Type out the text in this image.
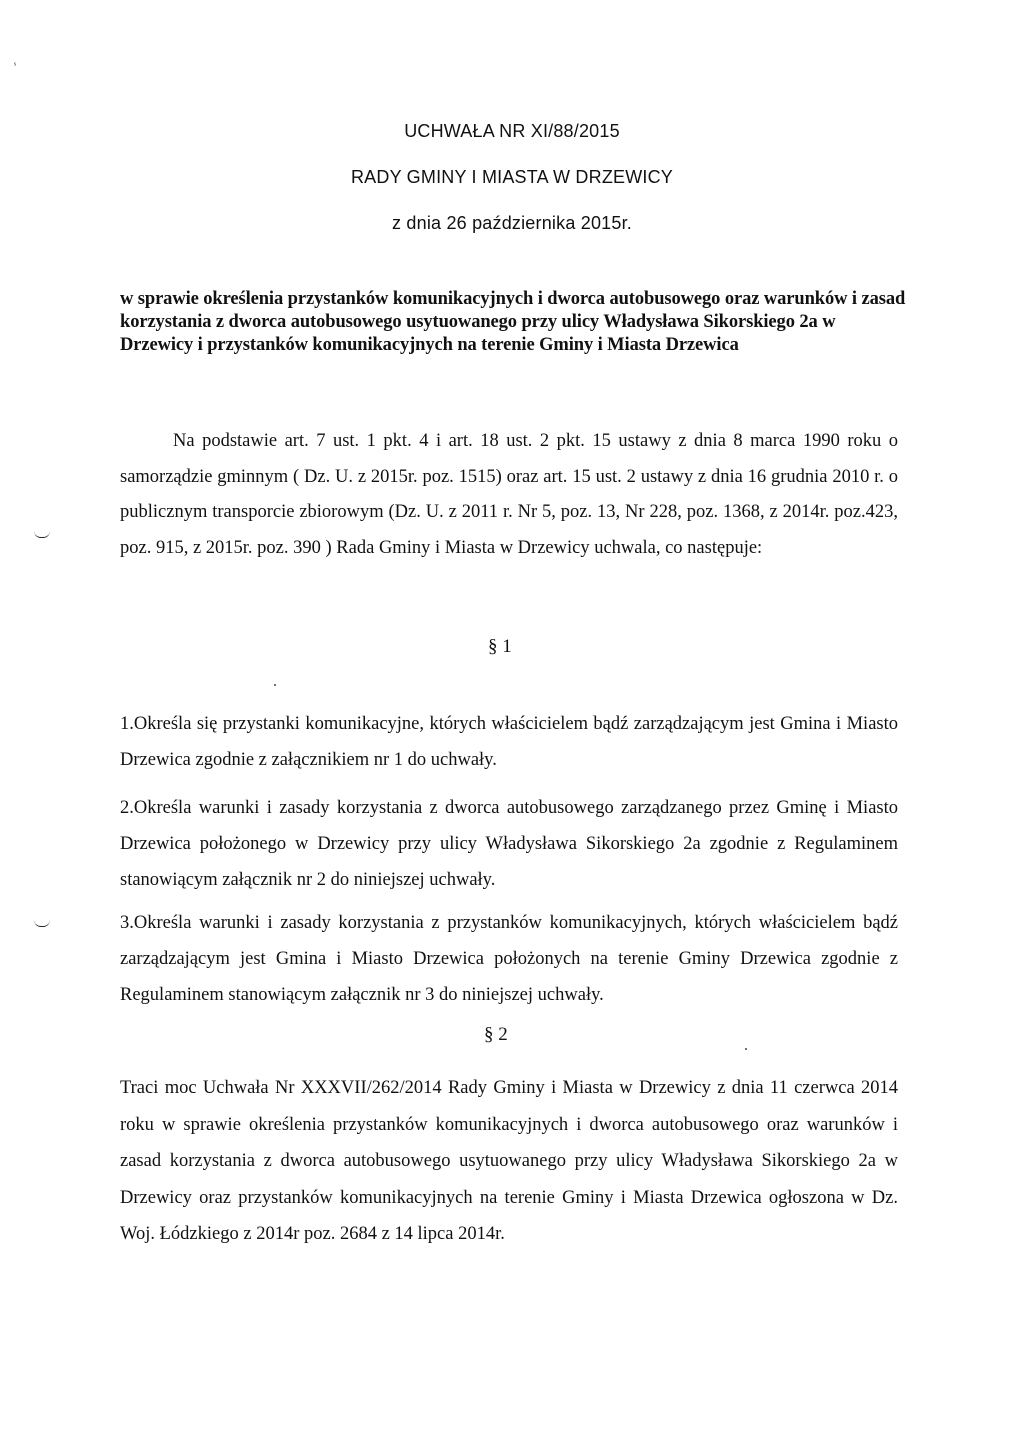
ˢ
UCHWAŁA NR XI/88/2015
RADY GMINY I MIASTA W DRZEWICY
z dnia 26 października 2015r.
w sprawie określenia przystanków komunikacyjnych i dworca autobusowego oraz warunków i zasad korzystania z dworca autobusowego usytuowanego przy ulicy Władysława Sikorskiego 2a w Drzewicy i przystanków komunikacyjnych na terenie Gminy i Miasta Drzewica
Na podstawie art. 7 ust. 1 pkt. 4 i art. 18 ust. 2 pkt. 15 ustawy z dnia 8 marca 1990 roku o samorządzie gminnym ( Dz. U. z 2015r. poz. 1515) oraz art. 15 ust. 2 ustawy z dnia 16 grudnia 2010 r. o publicznym transporcie zbiorowym (Dz. U. z 2011 r. Nr 5, poz. 13, Nr 228, poz. 1368, z 2014r. poz.423, poz. 915, z 2015r. poz. 390 ) Rada Gminy i Miasta w Drzewicy uchwala, co następuje:
§ 1
1.Określa się przystanki komunikacyjne, których właścicielem bądź zarządzającym jest Gmina i Miasto Drzewica zgodnie z załącznikiem nr 1 do uchwały.
2.Określa warunki i zasady korzystania z dworca autobusowego zarządzanego przez Gminę i Miasto Drzewica położonego w Drzewicy przy ulicy Władysława Sikorskiego 2a zgodnie z Regulaminem stanowiącym załącznik nr 2 do niniejszej uchwały.
3.Określa warunki i zasady korzystania z przystanków komunikacyjnych, których właścicielem bądź zarządzającym jest Gmina i Miasto Drzewica położonych na terenie Gminy Drzewica zgodnie z Regulaminem stanowiącym załącznik nr 3 do niniejszej uchwały.
§ 2
Traci moc Uchwała Nr XXXVII/262/2014 Rady Gminy i Miasta w Drzewicy z dnia 11 czerwca 2014 roku w sprawie określenia przystanków komunikacyjnych i dworca autobusowego oraz warunków i zasad korzystania z dworca autobusowego usytuowanego przy ulicy Władysława Sikorskiego 2a w Drzewicy oraz przystanków komunikacyjnych na terenie Gminy i Miasta Drzewica ogłoszona w Dz. Woj. Łódzkiego z 2014r poz. 2684 z 14 lipca 2014r.
